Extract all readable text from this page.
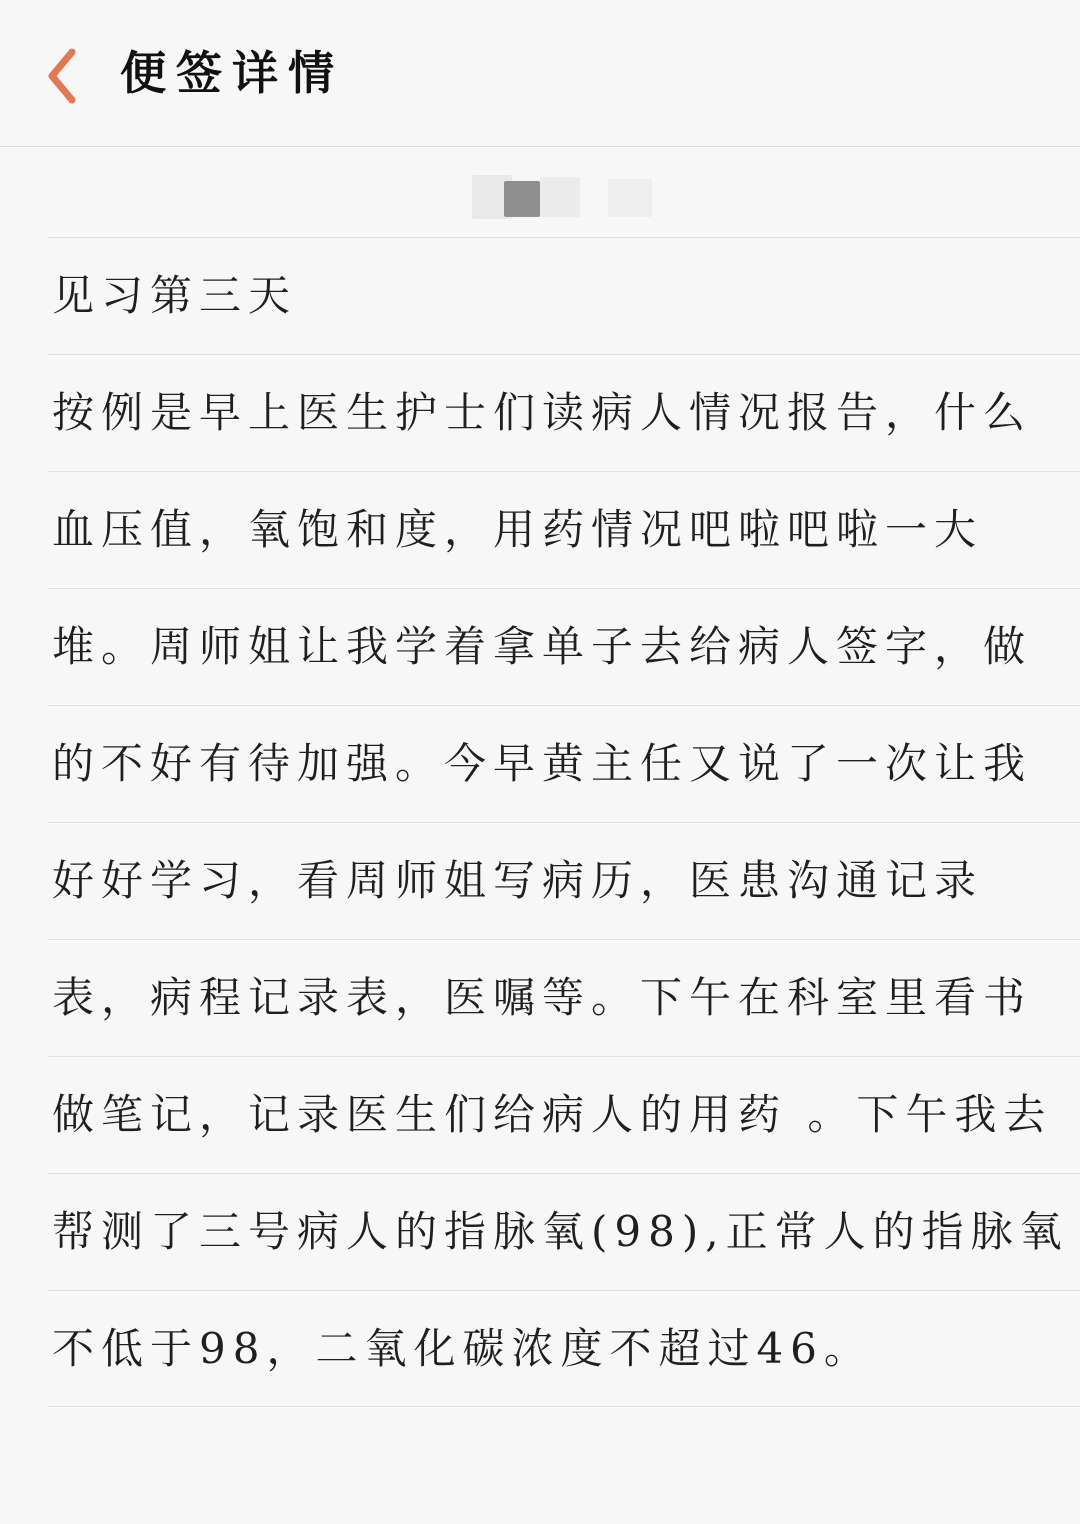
便签详情
见习第三天
按例是早上医生护士们读病人情况报告，什么
血压值，氧饱和度，用药情况吧啦吧啦一大
堆。周师姐让我学着拿单子去给病人签字，做
的不好有待加强。今早黄主任又说了一次让我
好好学习，看周师姐写病历，医患沟通记录
表，病程记录表，医嘱等。下午在科室里看书
做笔记，记录医生们给病人的用药 。下午我去
帮测了三号病人的指脉氧(98),正常人的指脉氧
不低于98，二氧化碳浓度不超过46。
